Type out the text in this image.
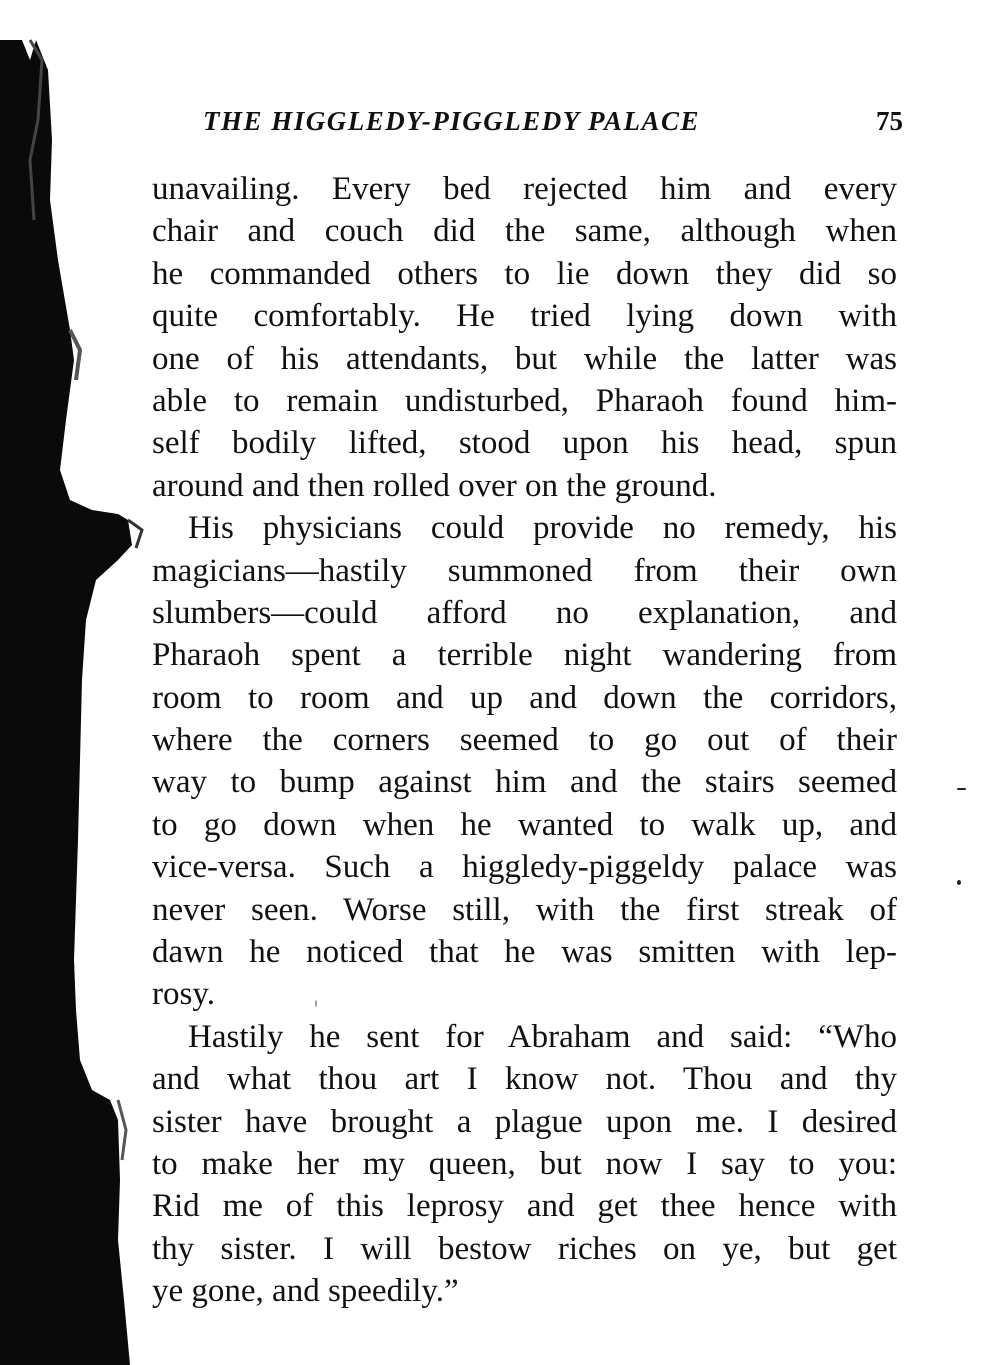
THE HIGGLEDY-PIGGLEDY PALACE	75
unavailing. Every bed rejected him and every
chair and couch did the same, although when
he commanded others to lie down they did so
quite comfortably. He tried lying down with
one of his attendants, but while the latter was
able to remain undisturbed, Pharaoh found him-
self bodily lifted, stood upon his head, spun
around and then rolled over on the ground.
His physicians could provide no remedy, his
magicians—hastily summoned from their own
slumbers—could afford no explanation, and
Pharaoh spent a terrible night wandering from
room to room and up and down the corridors,
where the corners seemed to go out of their
way to bump against him and the stairs seemed
to go down when he wanted to walk up, and
vice-versa. Such a higgledy-piggeldy palace was
never seen. Worse still, with the first streak of
dawn he noticed that he was smitten with lep-
rosy.
Hastily he sent for Abraham and said: “Who
and what thou art I know not. Thou and thy
sister have brought a plague upon me. I desired
to make her my queen, but now I say to you:
Rid me of this leprosy and get thee hence with
thy sister. I will bestow riches on ye, but get
ye gone, and speedily.”
